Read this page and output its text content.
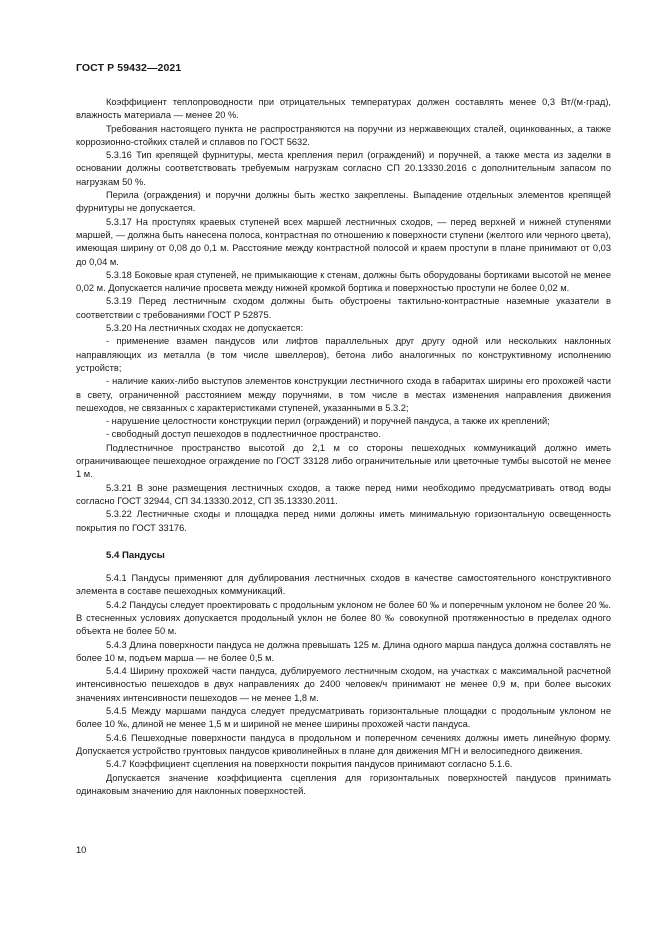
ГОСТ Р 59432—2021

Коэффициент теплопроводности при отрицательных температурах должен составлять менее 0,3 Вт/(м·град), влажность материала — менее 20 %.

Требования настоящего пункта не распространяются на поручни из нержавеющих сталей, оцинкованных, а также коррозионно-стойких сталей и сплавов по ГОСТ 5632.

5.3.16 Тип крепящей фурнитуры, места крепления перил (ограждений) и поручней, а также места из заделки в основании должны соответствовать требуемым нагрузкам согласно СП 20.13330.2016 с дополнительным запасом по нагрузкам 50 %.

Перила (ограждения) и поручни должны быть жестко закреплены. Выпадение отдельных элементов крепящей фурнитуры не допускается.

5.3.17 На проступях краевых ступеней всех маршей лестничных сходов, — перед верхней и нижней ступенями маршей, — должна быть нанесена полоса, контрастная по отношению к поверхности ступени (желтого или черного цвета), имеющая ширину от 0,08 до 0,1 м. Расстояние между контрастной полосой и краем проступи в плане принимают от 0,03 до 0,04 м.

5.3.18 Боковые края ступеней, не примыкающие к стенам, должны быть оборудованы бортиками высотой не менее 0,02 м. Допускается наличие просвета между нижней кромкой бортика и поверхностью проступи не более 0,02 м.

5.3.19 Перед лестничным сходом должны быть обустроены тактильно-контрастные наземные указатели в соответствии с требованиями ГОСТ Р 52875.

5.3.20 На лестничных сходах не допускается:

- применение взамен пандусов или лифтов параллельных друг другу одной или нескольких наклонных направляющих из металла (в том числе швеллеров), бетона либо аналогичных по конструктивному исполнению устройств;

- наличие каких-либо выступов элементов конструкции лестничного схода в габаритах ширины его прохожей части в свету, ограниченной расстоянием между поручнями, в том числе в местах изменения направления движения пешеходов, не связанных с характеристиками ступеней, указанными в 5.3.2;

- нарушение целостности конструкции перил (ограждений) и поручней пандуса, а также их креплений;

- свободный доступ пешеходов в подлестничное пространство.

Подлестничное пространство высотой до 2,1 м со стороны пешеходных коммуникаций должно иметь ограничивающее пешеходное ограждение по ГОСТ 33128 либо ограничительные или цветочные тумбы высотой не менее 1 м.

5.3.21 В зоне размещения лестничных сходов, а также перед ними необходимо предусматривать отвод воды согласно ГОСТ 32944, СП 34.13330.2012, СП 35.13330.2011.

5.3.22 Лестничные сходы и площадка перед ними должны иметь минимальную горизонтальную освещенность покрытия по ГОСТ 33176.

5.4 Пандусы

5.4.1 Пандусы применяют для дублирования лестничных сходов в качестве самостоятельного конструктивного элемента в составе пешеходных коммуникаций.

5.4.2 Пандусы следует проектировать с продольным уклоном не более 60 ‰ и поперечным уклоном не более 20 ‰. В стесненных условиях допускается продольный уклон не более 80 ‰ совокупной протяженностью в пределах одного объекта не более 50 м.

5.4.3 Длина поверхности пандуса не должна превышать 125 м. Длина одного марша пандуса должна составлять не более 10 м, подъем марша — не более 0,5 м.

5.4.4 Ширину прохожей части пандуса, дублируемого лестничным сходом, на участках с максимальной расчетной интенсивностью пешеходов в двух направлениях до 2400 человек/ч принимают не менее 0,9 м, при более высоких значениях интенсивности пешеходов — не менее 1,8 м.

5.4.5 Между маршами пандуса следует предусматривать горизонтальные площадки с продольным уклоном не более 10 ‰, длиной не менее 1,5 м и шириной не менее ширины прохожей части пандуса.

5.4.6 Пешеходные поверхности пандуса в продольном и поперечном сечениях должны иметь линейную форму. Допускается устройство грунтовых пандусов криволинейных в плане для движения МГН и велосипедного движения.

5.4.7 Коэффициент сцепления на поверхности покрытия пандусов принимают согласно 5.1.6.

Допускается значение коэффициента сцепления для горизонтальных поверхностей пандусов принимать одинаковым значению для наклонных поверхностей.

10
